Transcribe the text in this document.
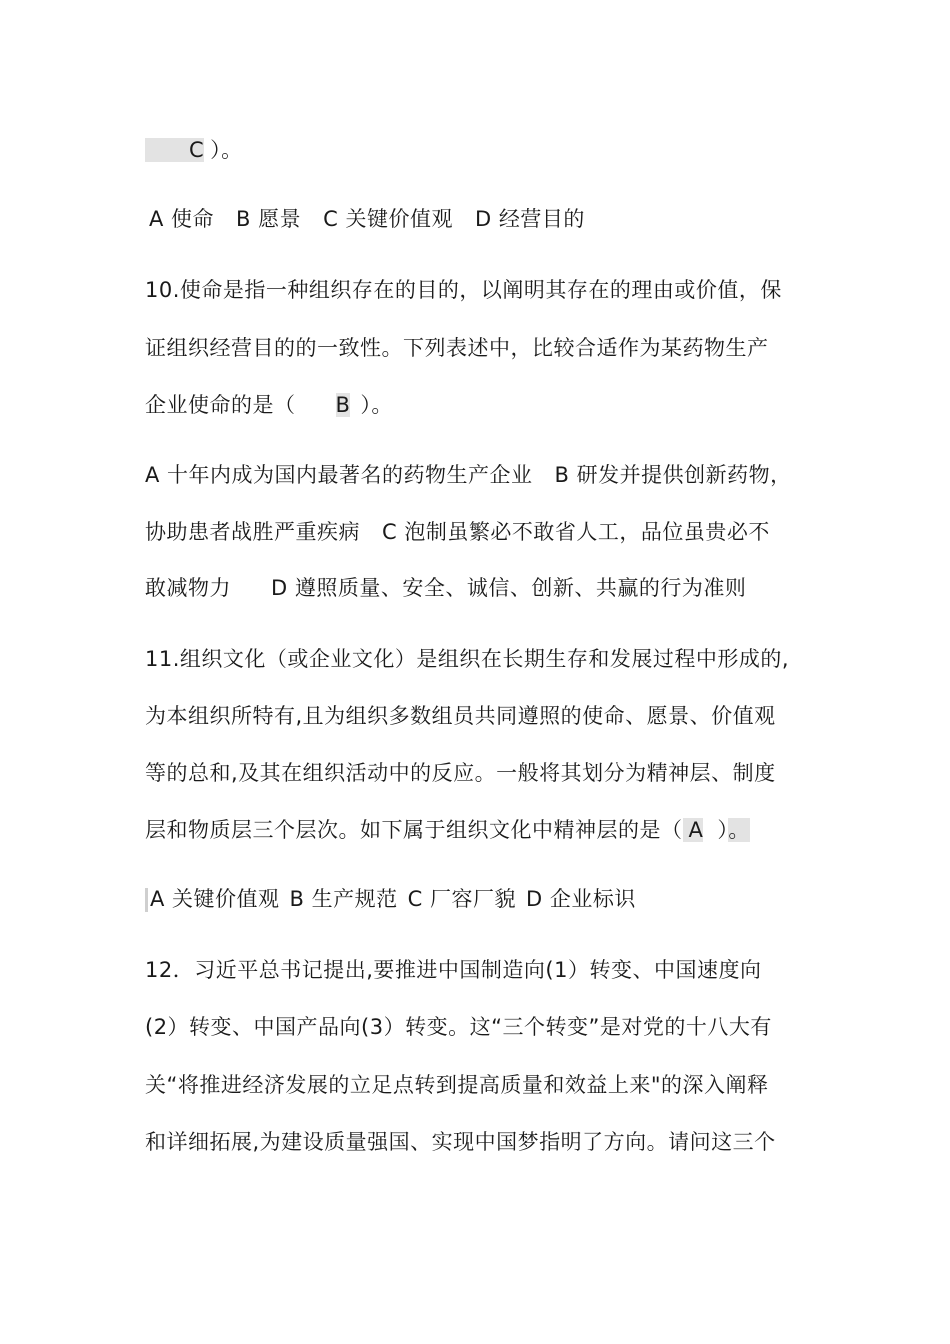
C ）。
A 使命 B 愿景 C 关键价值观 D 经营目的
10.使命是指一种组织存在的目的，以阐明其存在的理由或价值，保
证组织经营目的的一致性。下列表述中，比较合适作为某药物生产
企业使命的是（ B ）。
A 十年内成为国内最著名的药物生产企业 B 研发并提供创新药物，
协助患者战胜严重疾病 C 泡制虽繁必不敢省人工，品位虽贵必不
敢减物力 D 遵照质量、安全、诚信、创新、共赢的行为准则
11.组织文化（或企业文化）是组织在长期生存和发展过程中形成的,
为本组织所特有,且为组织多数组员共同遵照的使命、愿景、价值观
等的总和,及其在组织活动中的反应。一般将其划分为精神层、制度
层和物质层三个层次。如下属于组织文化中精神层的是（ A ）。
A 关键价值观 B 生产规范 C 厂容厂貌 D 企业标识
12．习近平总书记提出,要推进中国制造向(1）转变、中国速度向
(2）转变、中国产品向(3）转变。这“三个转变”是对党的十八大有
关“将推进经济发展的立足点转到提高质量和效益上来"的深入阐释
和详细拓展,为建设质量强国、实现中国梦指明了方向。请问这三个
